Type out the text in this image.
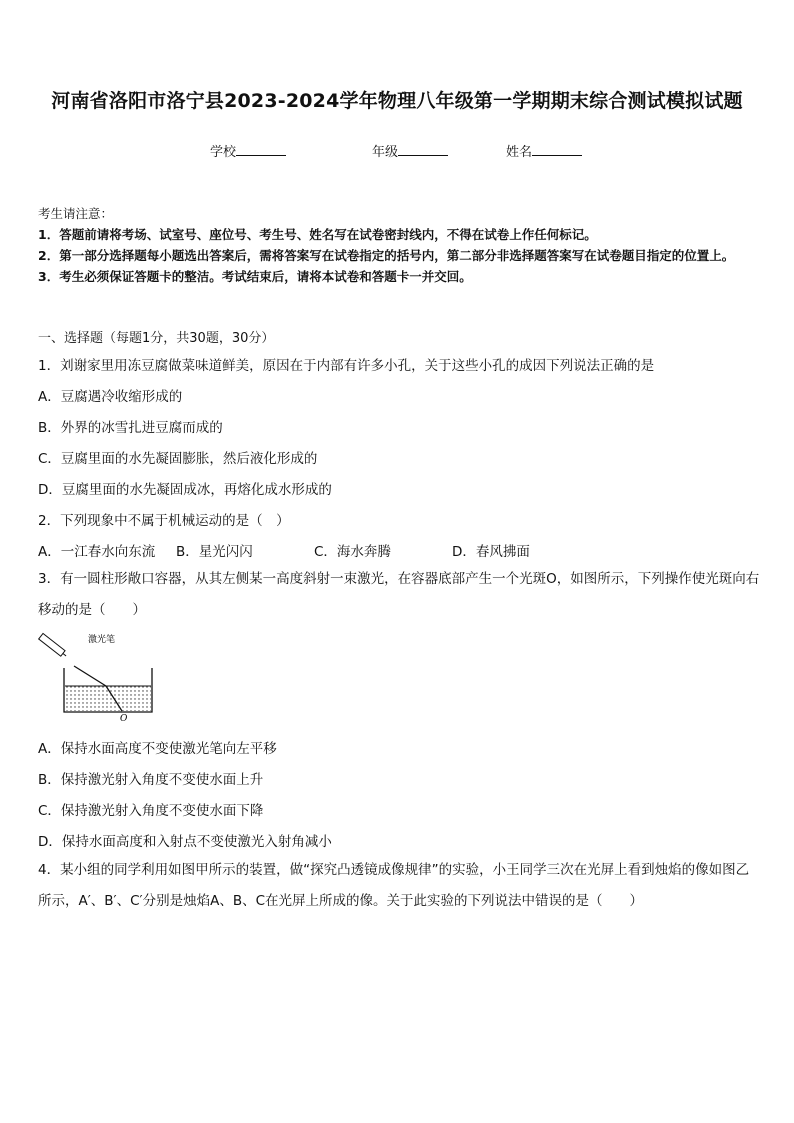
河南省洛阳市洛宁县2023-2024学年物理八年级第一学期期末综合测试模拟试题
学校	年级	姓名

考生请注意：

1．答题前请将考场、试室号、座位号、考生号、姓名写在试卷密封线内，不得在试卷上作任何标记。

2．第一部分选择题每小题选出答案后，需将答案写在试卷指定的括号内，第二部分非选择题答案写在试卷题目指定的位置上。

3．考生必须保证答题卡的整洁。考试结束后，请将本试卷和答题卡一并交回。

一、选择题（每题1分，共30题，30分）
1．刘谢家里用冻豆腐做菜味道鲜美，原因在于内部有许多小孔，关于这些小孔的成因下列说法正确的是
A．豆腐遇冷收缩形成的
B．外界的冰雪扎进豆腐而成的
C．豆腐里面的水先凝固膨胀，然后液化形成的
D．豆腐里面的水先凝固成冰，再熔化成水形成的
2．下列现象中不属于机械运动的是（　）
A．一江春水向东流 B．星光闪闪	C．海水奔腾	D．春风拂面
3．有一圆柱形敞口容器，从其左侧某一高度斜射一束激光，在容器底部产生一个光斑O，如图所示，下列操作使光斑向右移动的是（　　）
激光笔
O
A．保持水面高度不变使激光笔向左平移
B．保持激光射入角度不变使水面上升
C．保持激光射入角度不变使水面下降
D．保持水面高度和入射点不变使激光入射角减小
4．某小组的同学利用如图甲所示的装置，做“探究凸透镜成像规律”的实验，小王同学三次在光屏上看到烛焰的像如图乙所示，A′、B′、C′分别是烛焰A、B、C在光屏上所成的像。关于此实验的下列说法中错误的是（　　）
